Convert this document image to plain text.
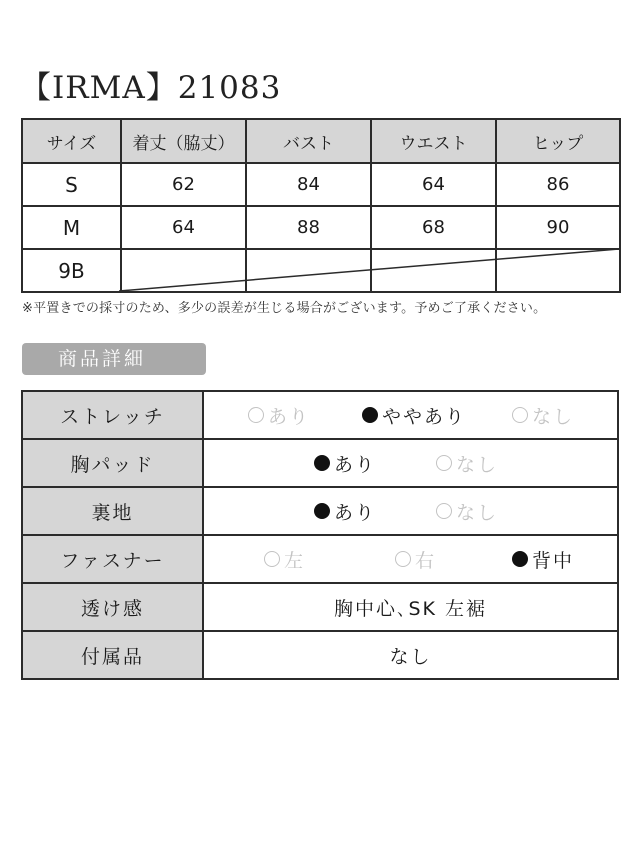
【IRMA】21083
サイズ	着丈（脇丈）	バスト	ウエスト	ヒップ
S	62	84	64	86
M	64	88	68	90
9B				
※平置きでの採寸のため、多少の誤差が生じる場合がございます。予めご了承ください。
商品詳細
ストレッチ	あり ややあり なし

胸パッド	あり なし

裏地	あり なし

ファスナー	左 右 背中

透け感	胸中心､SK 左裾
付属品	なし
